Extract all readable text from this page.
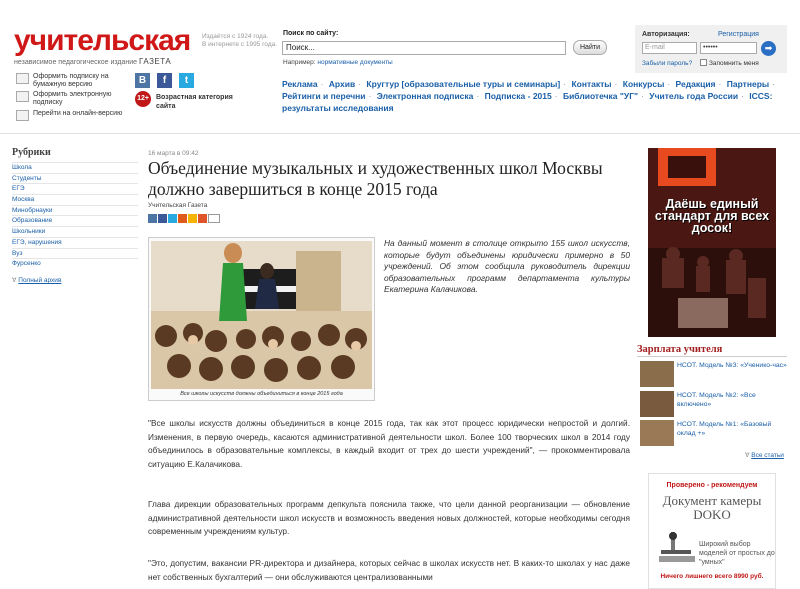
учительская
независимое педагогическое издание ГАЗЕТА
Издаётся с 1924 года.
В интернете с 1995 года.
Оформить подписку на бумажную версию
Оформить электронную подписку
Перейти на онлайн-версию
B	f	t
12+ Возрастная категория сайта
Поиск по сайту:
Поиск...	Найти
Например: нормативные документы
Реклама · Архив · Кругтур [образовательные туры и семинары] · Контакты · Конкурсы · Редакция · Партнеры · Рейтинги и перечни · Электронная подписка · Подписка - 2015 · Библиотечка "УГ" · Учитель года России · ICCS: результаты исследования
Авторизация:	Регистрация
E-mail	••••••	➡
Забыли пароль?	Запомнить меня
Рубрики
Школа
Студенты
ЕГЭ
Москва
Минобрнауки
Образование
Школьники
ЕГЭ, нарушения
Вуз
Фурсенко
∀ Полный архив
16 марта в 09:42
Объединение музыкальных и художественных школ Москвы должно завершиться в конце 2015 года
Учительская Газета
Все школы искусств должны объединиться в конце 2015 года
На данный момент в столице открыто 155 школ искусств, которые будут объединены юридически примерно в 50 учреждений. Об этом сообщила руководитель дирекции образовательных программ департамента культуры Екатерина Калачикова.
"Все школы искусств должны объединиться в конце 2015 года, так как этот процесс юридически непростой и долгий. Изменения, в первую очередь, касаются административной деятельности школ. Более 100 творческих школ в 2014 году объединилось в образовательные комплексы, в каждый входит от трех до шести учреждений", — прокомментировала ситуацию Е.Калачикова.
Глава дирекции образовательных программ депкульта пояснила также, что цели данной реорганизации — обновление административной деятельности школ искусств и возможность введения новых должностей, которые необходимы сегодня современным учреждениям культур.
"Это, допустим, вакансии PR-директора и дизайнера, которых сейчас в школах искусств нет. В каких-то школах у нас даже нет собственных бухгалтерий — они обслуживаются централизованными
Даёшь единый стандарт для всех досок!
Зарплата учителя
НСОТ. Модель №3: «Ученико-час»
НСОТ. Модель №2: «Все включено»
НСОТ. Модель №1: «Базовый оклад +»
∀ Все статьи
Проверено - рекомендуем
Документ камеры DOKO
Широкий выбор моделей от простых до "умных"
Ничего лишнего всего 8990 руб.
